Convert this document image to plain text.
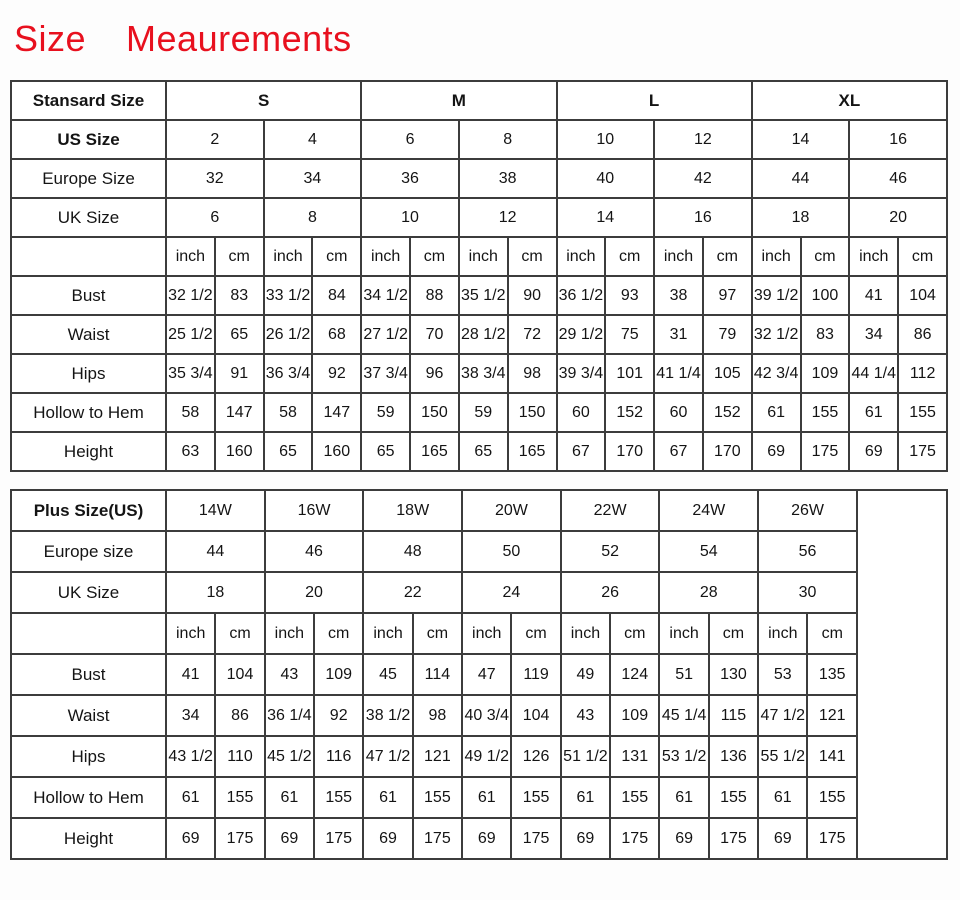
Size Meaurements
Stansard Size	S				M				L				XL			
US Size	2		4		6		8		10		12		14		16	
Europe Size	32		34		36		38		40		42		44		46	
UK Size	6		8		10		12		14		16		18		20	
	inch	cm	inch	cm	inch	cm	inch	cm	inch	cm	inch	cm	inch	cm	inch	cm
Bust	32 1/2	83	33 1/2	84	34 1/2	88	35 1/2	90	36 1/2	93	38	97	39 1/2	100	41	104
Waist	25 1/2	65	26 1/2	68	27 1/2	70	28 1/2	72	29 1/2	75	31	79	32 1/2	83	34	86
Hips	35 3/4	91	36 3/4	92	37 3/4	96	38 3/4	98	39 3/4	101	41 1/4	105	42 3/4	109	44 1/4	112
Hollow to Hem	58	147	58	147	59	150	59	150	60	152	60	152	61	155	61	155
Height	63	160	65	160	65	165	65	165	67	170	67	170	69	175	69	175
Plus Size(US)	14W		16W		18W		20W		22W		24W		26W		
Europe size	44		46		48		50		52		54		56		
UK Size	18		20		22		24		26		28		30		
	inch	cm	inch	cm	inch	cm	inch	cm	inch	cm	inch	cm	inch	cm	
Bust	41	104	43	109	45	114	47	119	49	124	51	130	53	135	
Waist	34	86	36 1/4	92	38 1/2	98	40 3/4	104	43	109	45 1/4	115	47 1/2	121	
Hips	43 1/2	110	45 1/2	116	47 1/2	121	49 1/2	126	51 1/2	131	53 1/2	136	55 1/2	141	
Hollow to Hem	61	155	61	155	61	155	61	155	61	155	61	155	61	155	
Height	69	175	69	175	69	175	69	175	69	175	69	175	69	175	
